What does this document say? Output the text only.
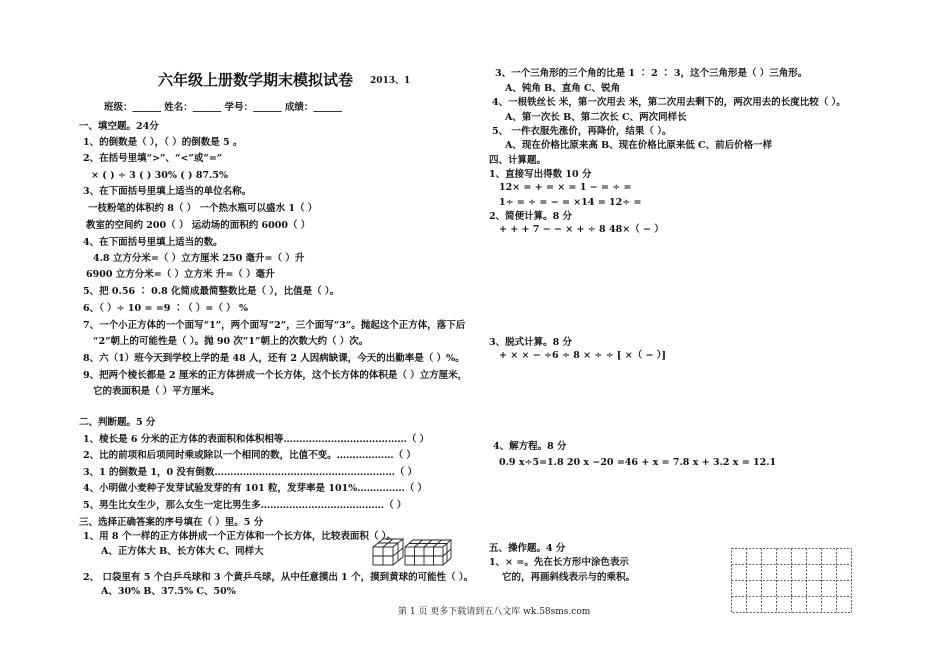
六年级上册数学期末模拟试卷 2013、1
班级：______ 姓名：______ 学号：______ 成绩：______
一、填空题。24分
1、的倒数是（ ），（ ）的倒数是 5 。
2、在括号里填“>”、“<”或“=”
× ( ) ÷ 3 ( ) 30% ( ) 87.5%
3、在下面括号里填上适当的单位名称。
一枝粉笔的体积约 8（ ） 一个热水瓶可以盛水 1（ ）
教室的空间约 200（ ） 运动场的面积约 6000（ ）
4、在下面括号里填上适当的数。
4.8 立方分米=（ ）立方厘米 250 毫升=（ ）升
6900 立方分米=（ ）立方米 升=（ ）毫升
5、把 0.56 ∶ 0.8 化简成最简整数比是（ ），比值是（ ）。
6、（ ）÷ 10 = =9 ∶（ ）=（ ） %
7、一个小正方体的一个面写“1”，两个面写“2”，三个面写“3”。抛起这个正方体，落下后
“2”朝上的可能性是（ ）。抛 90 次“1”朝上的次数大约（ ）次。
8、六（1）班今天到学校上学的是 48 人，还有 2 人因病缺课，今天的出勤率是（ ）%。
9、把两个棱长都是 2 厘米的正方体拼成一个长方体，这个长方体的体积是（ ）立方厘米，
它的表面积是（ ）平方厘米。
二、判断题。5 分
1、棱长是 6 分米的正方体的表面积和体积相等…………………………………（ ）
2、比的前项和后项同时乘或除以一个相同的数，比值不变。………………（ ）
3、1 的倒数是 1，0 没有倒数…………………………………………………（ ）
4、小明做小麦种子发芽试验发芽的有 101 粒，发芽率是 101%……………（ ）
5、男生比女生少，那么女生一定比男生多…………………………………（ ）
三、选择正确答案的序号填在（ ）里。5 分
1、用 8 个一样的正方体拼成一个正方体和一个长方体，比较表面积（ ）。
A、正方体大 B、长方体大 C、同样大
2、 口袋里有 5 个白乒乓球和 3 个黄乒乓球，从中任意摸出 1 个，摸到黄球的可能性（ ）。
A、30% B、37.5% C、50%
3、一个三角形的三个角的比是 1 ∶ 2 ∶ 3，这个三角形是（ ）三角形。
A、钝角 B、直角 C、锐角
4、一根铁丝长 米，第一次用去 米，第二次用去剩下的，两次用去的长度比较（ ）。
A、第一次长 B、第二次长 C、两次同样长
5、 一件衣服先涨价，再降价，结果（ ）。
A、现在价格比原来高 B、现在价格比原来低 C、前后价格一样
四、计算题。
1、直接写出得数 10 分
12× = + = × = 1 − = ÷ =
1÷ = ÷ = − = ×14 = 12÷ =
2、简便计算。8 分
+ + + 7 − − × + ÷ 8 48×（ − ）
3、脱式计算。8 分
+ × × − ÷6 ÷ 8 × ÷ ÷ [ ×（ − ）]
4、解方程。8 分
0.9 x÷5=1.8 20 x −20 =46 + x = 7.8 x + 3.2 x = 12.1
五、操作题。4 分
1、× =。先在长方形中涂色表示
它的，再画斜线表示与的乘积。
第 1 页 更多下载请到五八文库 wk.58sms.com
